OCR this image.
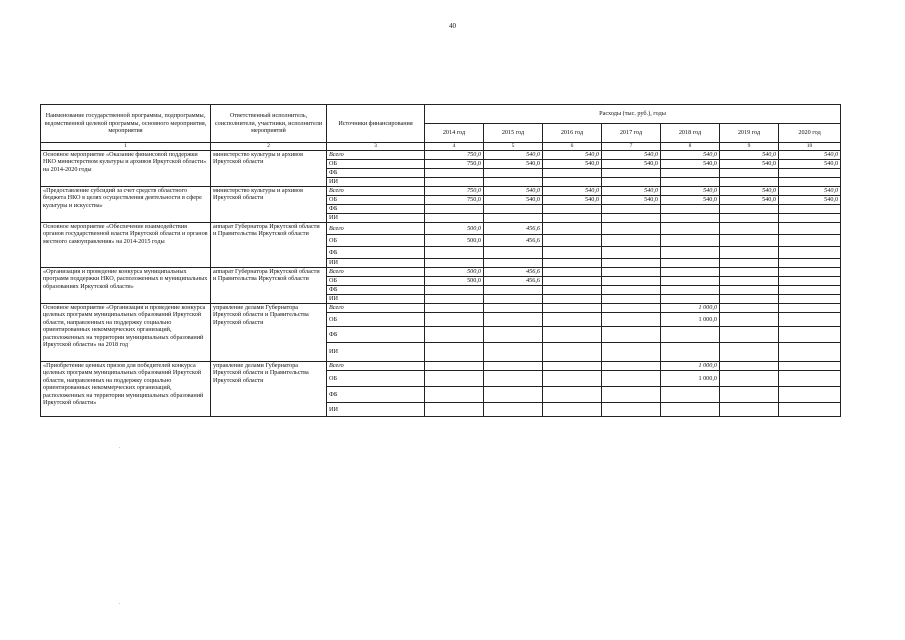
40
Наименование государственной программы, подпрограммы, ведомственной целевой программы, основного мероприятия, мероприятия	Ответственный исполнитель, соисполнители, участники, исполнители мероприятий	Источники финансирования	Расходы (тыс. руб.), годы						
			2014 год	2015 год	2016 год	2017 год	2018 год	2019 год	2020 год
1	2	3	4	5	6	7	8	9	10
Основное мероприятие «Оказание финансовой поддержки НКО министерством культуры и архивов Иркутской области» на 2014-2020 годы	министерство культуры и архивов Иркутской области	Всего	750,0	540,0	540,0	540,0	540,0	540,0	540,0
		ОБ	750,0	540,0	540,0	540,0	540,0	540,0	540,0
		ФБ							
		ИИ							
«Предоставление субсидий за счет средств областного бюджета НКО в целях осуществления деятельности в сфере культуры и искусства»	министерство культуры и архивов Иркутской области	Всего	750,0	540,0	540,0	540,0	540,0	540,0	540,0
		ОБ	750,0	540,0	540,0	540,0	540,0	540,0	540,0
		ФБ							
		ИИ							
Основное мероприятие «Обеспечение взаимодействия органов государственной власти Иркутской области и органов местного самоуправления» на 2014-2015 годы	аппарат Губернатора Иркутской области и Правительства Иркутской области	Всего	500,0	456,6					
		ОБ	500,0	456,6					
		ФБ							
		ИИ							
«Организация и проведение конкурса муниципальных программ поддержки НКО, расположенных в муниципальных образованиях Иркутской области»	аппарат Губернатора Иркутской области и Правительства Иркутской области	Всего	500,0	456,6					
		ОБ	500,0	456,6					
		ФБ							
		ИИ							
Основное мероприятие «Организация и проведение конкурса целевых программ муниципальных образований Иркутской области, направленных на поддержку социально ориентированных некоммерческих организаций, расположенных на территории муниципальных образований Иркутской области» на 2018 год	управление делами Губернатора Иркутской области и Правительства Иркутской области	Всего					1 000,0		
		ОБ					1 000,0		
		ФБ							
		ИИ							
«Приобретение ценных призов для победителей конкурса целевых программ муниципальных образований Иркутской области, направленных на поддержку социально ориентированных некоммерческих организаций, расположенных на территории муниципальных образований Иркутской области»	управление делами Губернатора Иркутской области и Правительства Иркутской области	Всего					1 000,0		
		ОБ					1 000,0		
		ФБ							
		ИИ							
.
.
